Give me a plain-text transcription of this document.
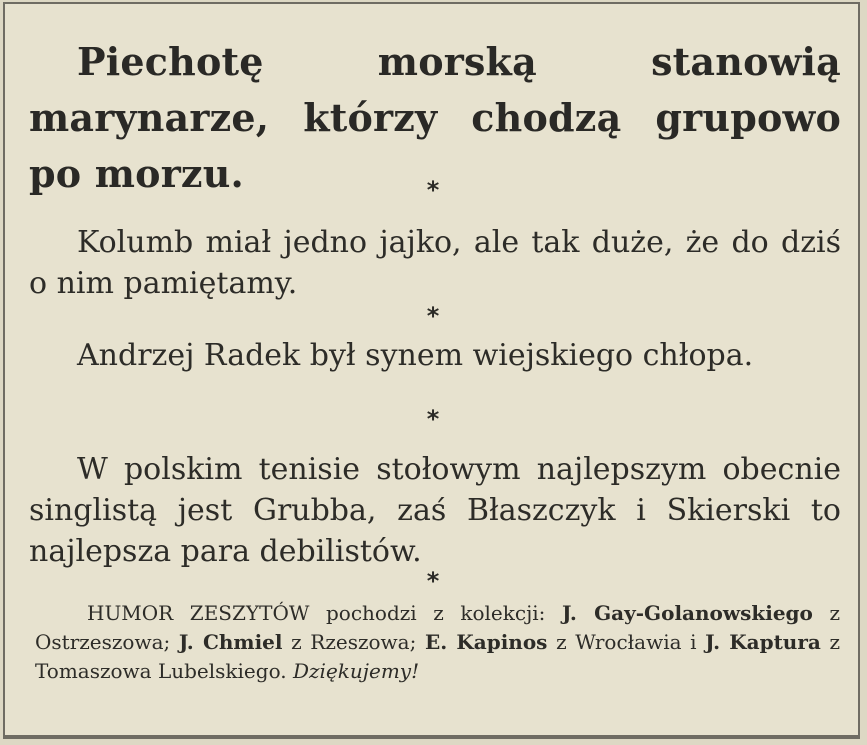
Piechotę morską stanowią marynarze, którzy chodzą grupowo po morzu.	*
Kolumb miał jedno jajko, ale tak duże, że do dziś o nim pamiętamy.
*
Andrzej Radek był synem wiejskiego chłopa.
*
W polskim tenisie stołowym najlepszym obecnie singlistą jest Grubba, zaś Błaszczyk i Skierski to najlepsza para debilistów.
*
HUMOR ZESZYTÓW pochodzi z kolekcji: J. Gay-Golanowskiego z Ostrzeszowa; J. Chmiel z Rzeszowa; E. Kapinos z Wrocławia i J. Kaptura z Tomaszowa Lubelskiego. Dziękujemy!
